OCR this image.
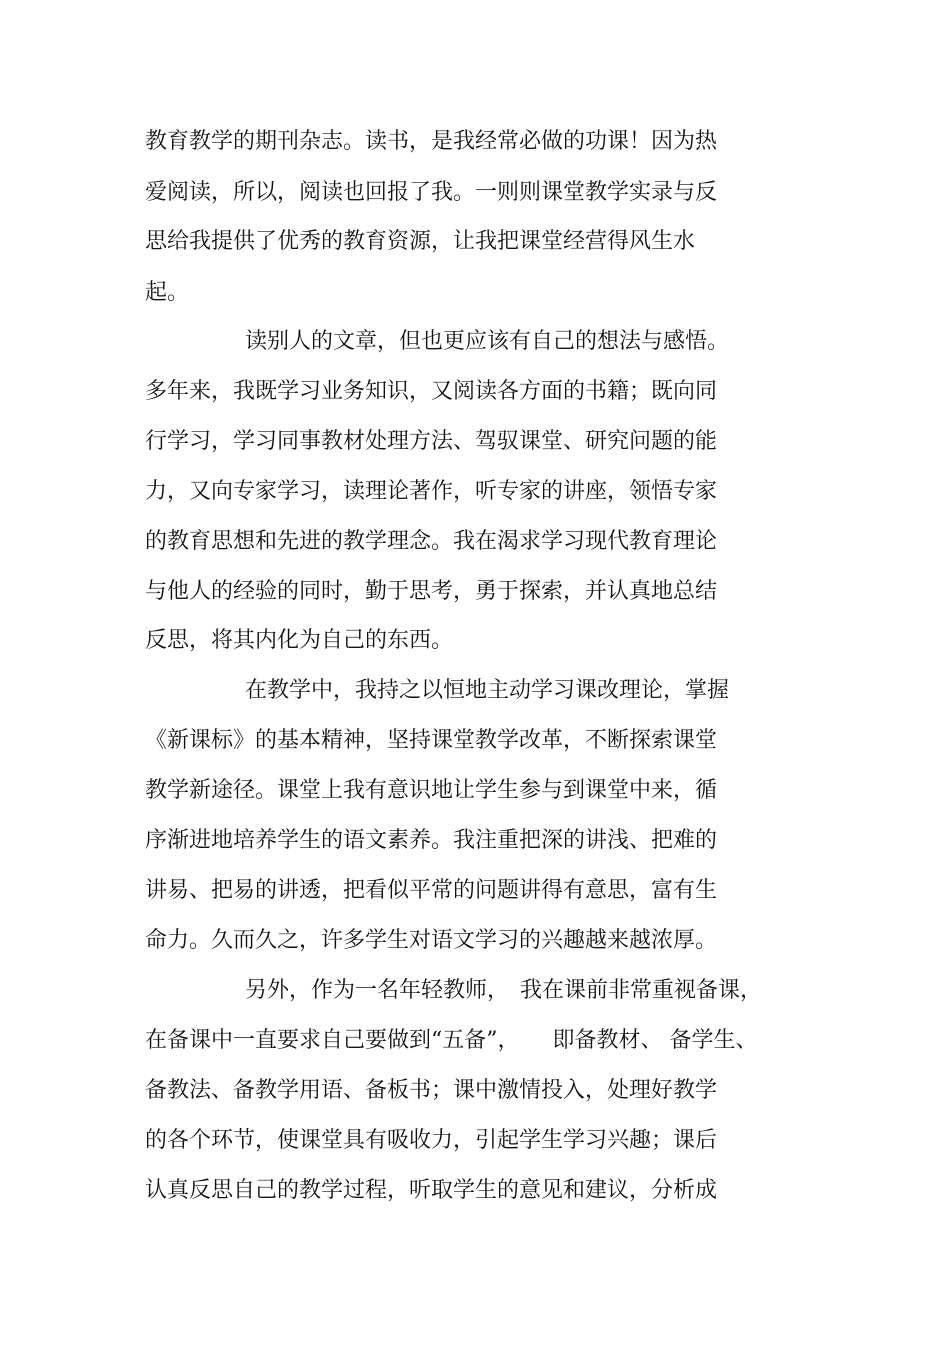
教育教学的期刊杂志。读书，是我经常必做的功课！因为热
爱阅读，所以，阅读也回报了我。一则则课堂教学实录与反
思给我提供了优秀的教育资源，让我把课堂经营得风生水
起。
读别人的文章，但也更应该有自己的想法与感悟。
多年来，我既学习业务知识，又阅读各方面的书籍；既向同
行学习，学习同事教材处理方法、驾驭课堂、研究问题的能
力，又向专家学习，读理论著作，听专家的讲座，领悟专家
的教育思想和先进的教学理念。我在渴求学习现代教育理论
与他人的经验的同时，勤于思考，勇于探索，并认真地总结
反思，将其内化为自己的东西。
在教学中，我持之以恒地主动学习课改理论，掌握
《新课标》的基本精神，坚持课堂教学改革，不断探索课堂
教学新途径。课堂上我有意识地让学生参与到课堂中来，循
序渐进地培养学生的语文素养。我注重把深的讲浅、把难的
讲易、把易的讲透，把看似平常的问题讲得有意思，富有生
命力。久而久之，许多学生对语文学习的兴趣越来越浓厚。
另外，作为一名年轻教师，　我在课前非常重视备课，
在备课中一直要求自己要做到“五备”，　　即备教材、 备学生、
备教法、备教学用语、备板书；课中激情投入，处理好教学
的各个环节，使课堂具有吸收力，引起学生学习兴趣；课后
认真反思自己的教学过程，听取学生的意见和建议，分析成
